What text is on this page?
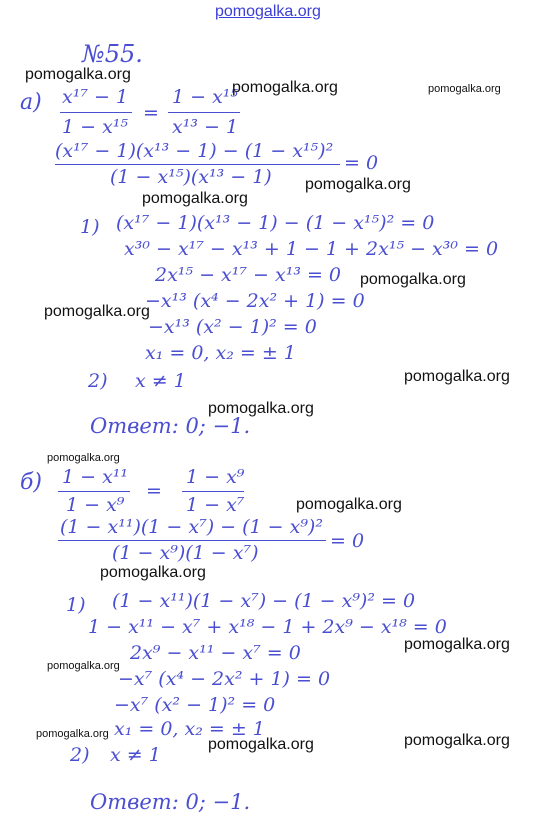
pomogalka.org
№55.
а) x¹⁷ − 1
1 − x¹⁵
=
1 − x¹⁵
x¹³ − 1
(x¹⁷ − 1)(x¹³ − 1) − (1 − x¹⁵)²
(1 − x¹⁵)(x¹³ − 1)
= 0
1) (x¹⁷ − 1)(x¹³ − 1) − (1 − x¹⁵)² = 0
x³⁰ − x¹⁷ − x¹³ + 1 − 1 + 2x¹⁵ − x³⁰ = 0
2x¹⁵ − x¹⁷ − x¹³ = 0
−x¹³ (x⁴ − 2x² + 1) = 0
−x¹³ (x² − 1)² = 0
x₁ = 0, x₂ = ± 1
2) x ≠ 1
Ответ: 0; −1.
б) 1 − x¹¹
1 − x⁹
=
1 − x⁹
1 − x⁷
(1 − x¹¹)(1 − x⁷) − (1 − x⁹)²
(1 − x⁹)(1 − x⁷)
= 0
1) (1 − x¹¹)(1 − x⁷) − (1 − x⁹)² = 0
1 − x¹¹ − x⁷ + x¹⁸ − 1 + 2x⁹ − x¹⁸ = 0
2x⁹ − x¹¹ − x⁷ = 0
−x⁷ (x⁴ − 2x² + 1) = 0
−x⁷ (x² − 1)² = 0
x₁ = 0, x₂ = ± 1
2) x ≠ 1
Ответ: 0; −1.
pomogalka.org
pomogalka.org	pomogalka.org
pomogalka.org
pomogalka.org
pomogalka.org
pomogalka.org
pomogalka.org
pomogalka.org
pomogalka.org
pomogalka.org
pomogalka.org
pomogalka.org
pomogalka.org
pomogalka.org
pomogalka.org	pomogalka.org
